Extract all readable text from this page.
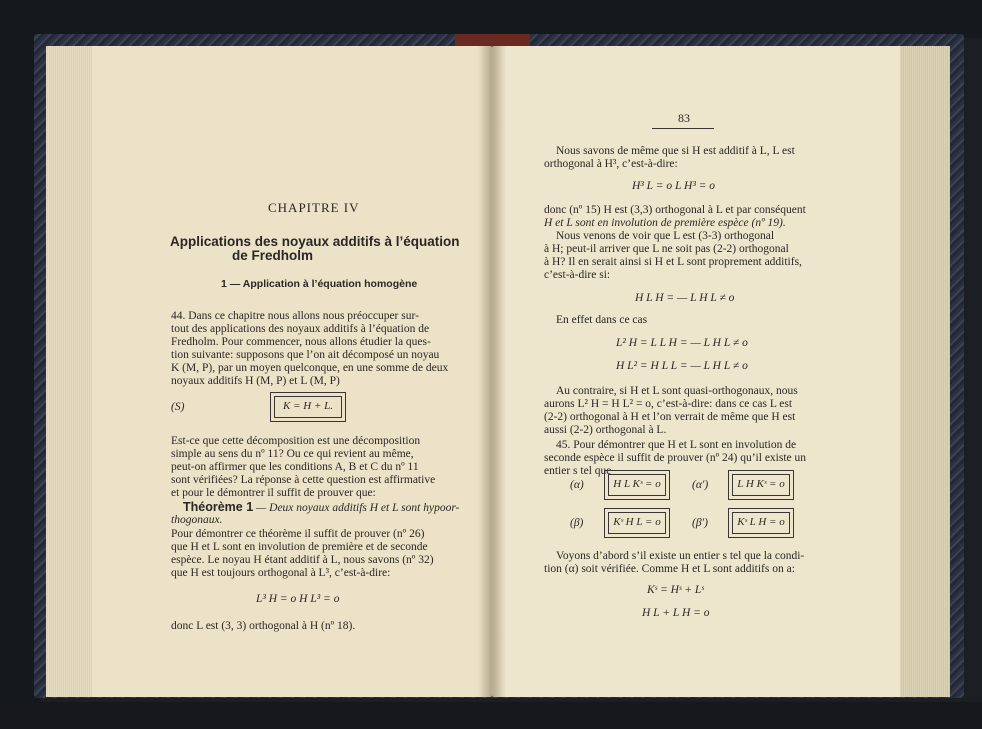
CHAPITRE IV
Applications des noyaux additifs à l’équation
de Fredholm
1 — Application à l’équation homogène
44. Dans ce chapitre nous allons nous préoccuper sur-
tout des applications des noyaux additifs à l’équation de
Fredholm. Pour commencer, nous allons étudier la ques-
tion suivante: supposons que l’on ait décomposé un noyau
K (M, P), par un moyen quelconque, en une somme de deux
noyaux additifs H (M, P) et L (M, P)
(S)	K = H + L.
Est-ce que cette décomposition est une décomposition
simple au sens du nº 11? Ou ce qui revient au même,
peut-on affirmer que les conditions A, B et C du nº 11
sont vérifiées? La réponse à cette question est affirmative
et pour le démontrer il suffit de prouver que:
Théorème 1 — Deux noyaux additifs H et L sont hypoor-
thogonaux.
Pour démontrer ce théorème il suffit de prouver (nº 26)
que H et L sont en involution de première et de seconde
espèce. Le noyau H étant additif à L, nous savons (nº 32)
que H est toujours orthogonal à L³, c’est-à-dire:
L³ H = o H L³ = o
donc L est (3, 3) orthogonal à H (nº 18).
83
Nous savons de même que si H est additif à L, L est
orthogonal à H³, c’est-à-dire:
H³ L = o L H³ = o
donc (nº 15) H est (3,3) orthogonal à L et par conséquent
H et L sont en involution de première espèce (nº 19).
Nous venons de voir que L est (3-3) orthogonal
à H; peut-il arriver que L ne soit pas (2-2) orthogonal
à H? Il en serait ainsi si H et L sont proprement additifs,
c’est-à-dire si:
H L H = — L H L ≠ o
En effet dans ce cas
L² H = L L H = — L H L ≠ o
H L² = H L L = — L H L ≠ o
Au contraire, si H et L sont quasi-orthogonaux, nous
aurons L² H = H L² = o, c’est-à-dire: dans ce cas L est
(2-2) orthogonal à H et l’on verrait de même que H est
aussi (2-2) orthogonal à L.
45. Pour démontrer que H et L sont en involution de
seconde espèce il suffit de prouver (nº 24) qu’il existe un
entier s tel que
(α)	H L Kˢ = o	(α′)	L H Kˢ = o
(β)	Kˢ H L = o	(β′)	Kˢ L H = o
Voyons d’abord s’il existe un entier s tel que la condi-
tion (α) soit vérifiée. Comme H et L sont additifs on a:
Kˢ = Hˢ + Lˢ
H L + L H = o
